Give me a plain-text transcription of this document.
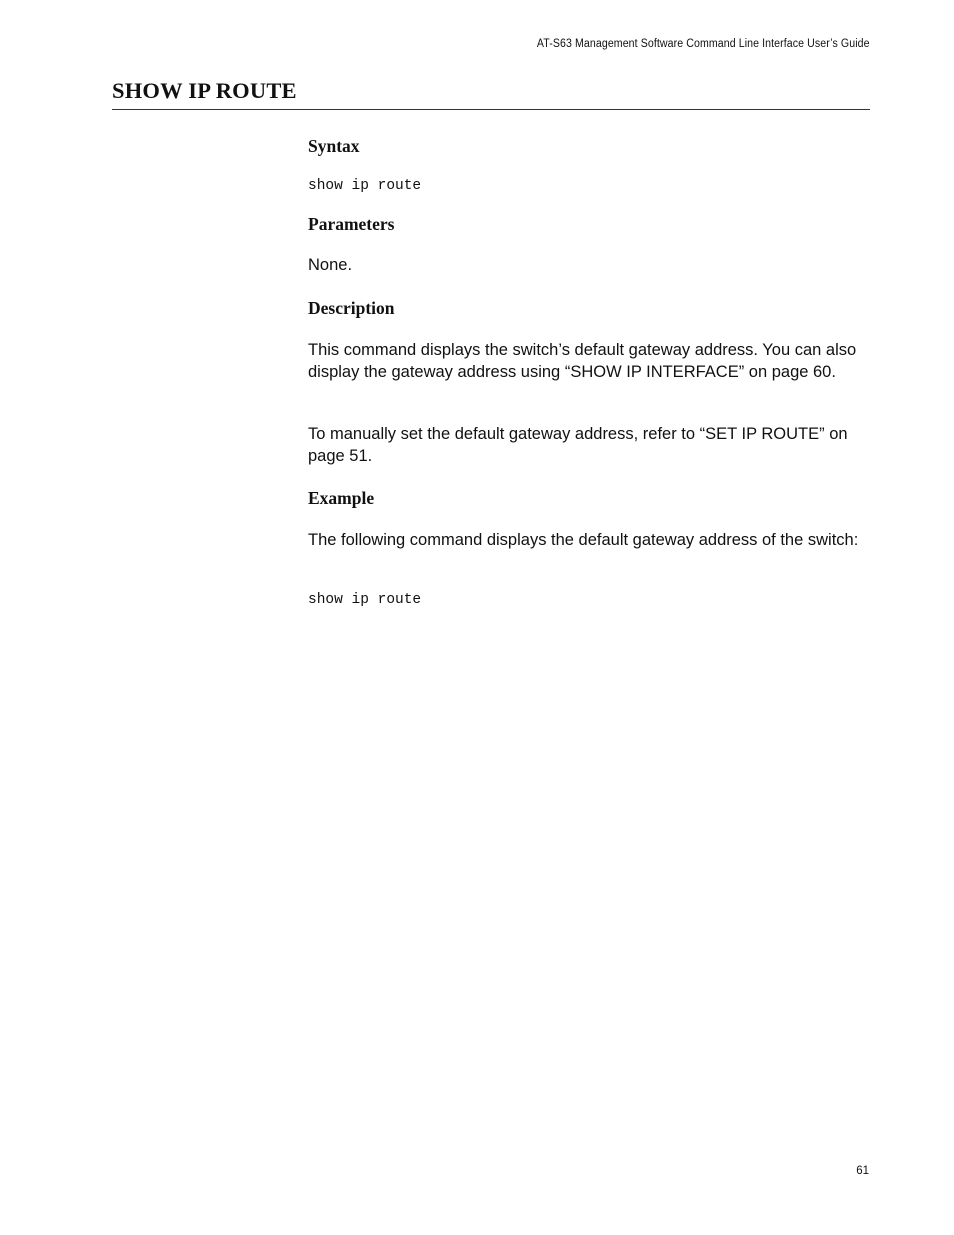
AT-S63 Management Software Command Line Interface User’s Guide
SHOW IP ROUTE
Syntax
show ip route
Parameters

None.

Description

This command displays the switch’s default gateway address. You can also display the gateway address using “SHOW IP INTERFACE” on page 60.

To manually set the default gateway address, refer to “SET IP ROUTE” on page 51.

Example

The following command displays the default gateway address of the switch:

show ip route
61
